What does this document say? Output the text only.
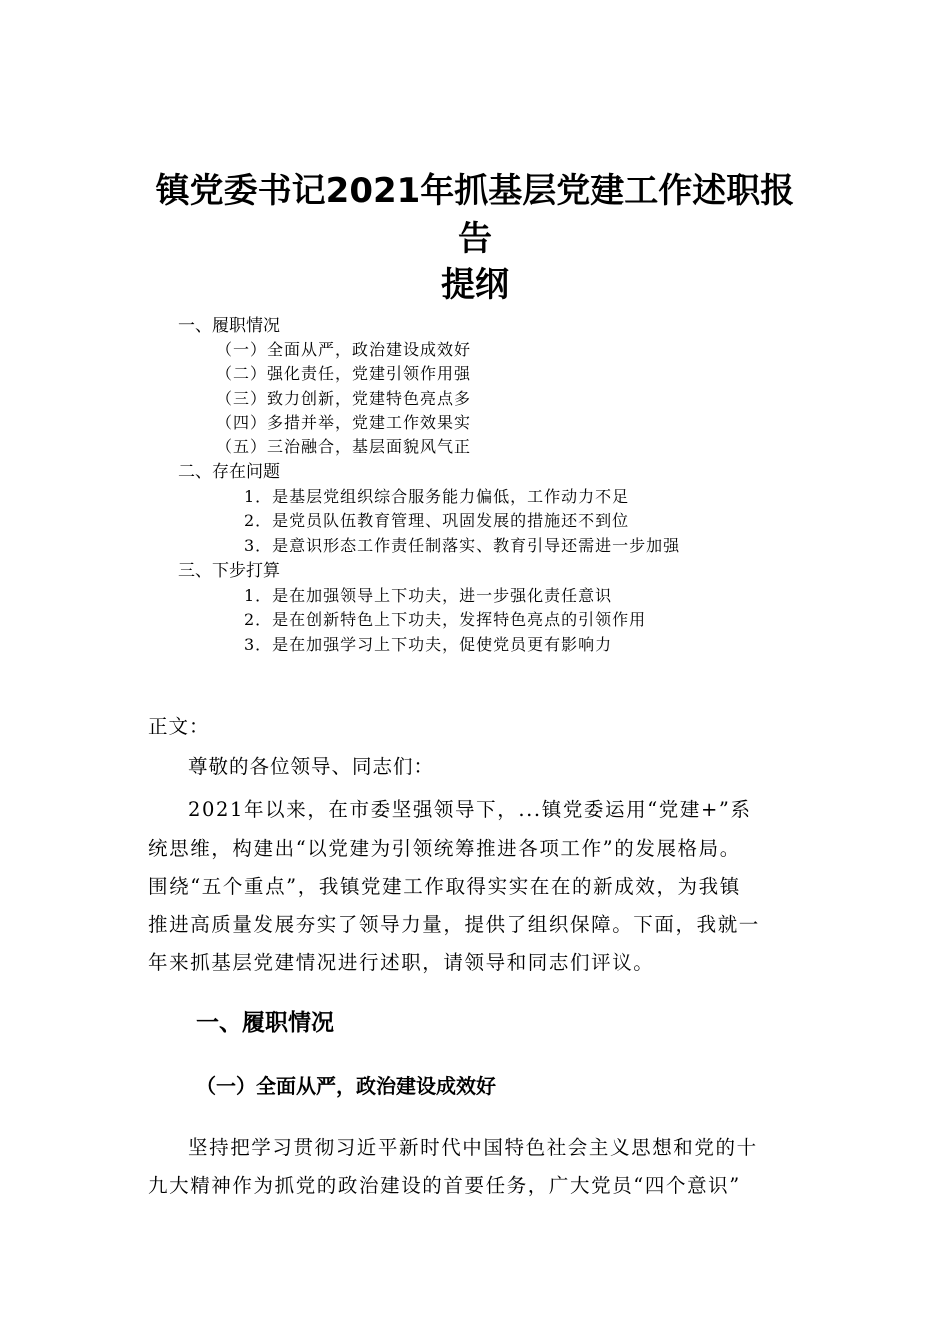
镇党委书记2021年抓基层党建工作述职报
告
提纲
一、履职情况
（一）全面从严，政治建设成效好
（二）强化责任，党建引领作用强
（三）致力创新，党建特色亮点多
（四）多措并举，党建工作效果实
（五）三治融合，基层面貌风气正
二、存在问题
1．是基层党组织综合服务能力偏低，工作动力不足
2．是党员队伍教育管理、巩固发展的措施还不到位
3．是意识形态工作责任制落实、教育引导还需进一步加强
三、下步打算
1．是在加强领导上下功夫，进一步强化责任意识
2．是在创新特色上下功夫，发挥特色亮点的引领作用
3．是在加强学习上下功夫，促使党员更有影响力
正文：
尊敬的各位领导、同志们：
2021年以来，在市委坚强领导下，...镇党委运用“党建+”系
统思维，构建出“以党建为引领统筹推进各项工作”的发展格局。
围绕“五个重点”，我镇党建工作取得实实在在的新成效，为我镇
推进高质量发展夯实了领导力量，提供了组织保障。下面，我就一
年来抓基层党建情况进行述职，请领导和同志们评议。
一、履职情况
（一）全面从严，政治建设成效好
坚持把学习贯彻习近平新时代中国特色社会主义思想和党的十
九大精神作为抓党的政治建设的首要任务，广大党员“四个意识”
